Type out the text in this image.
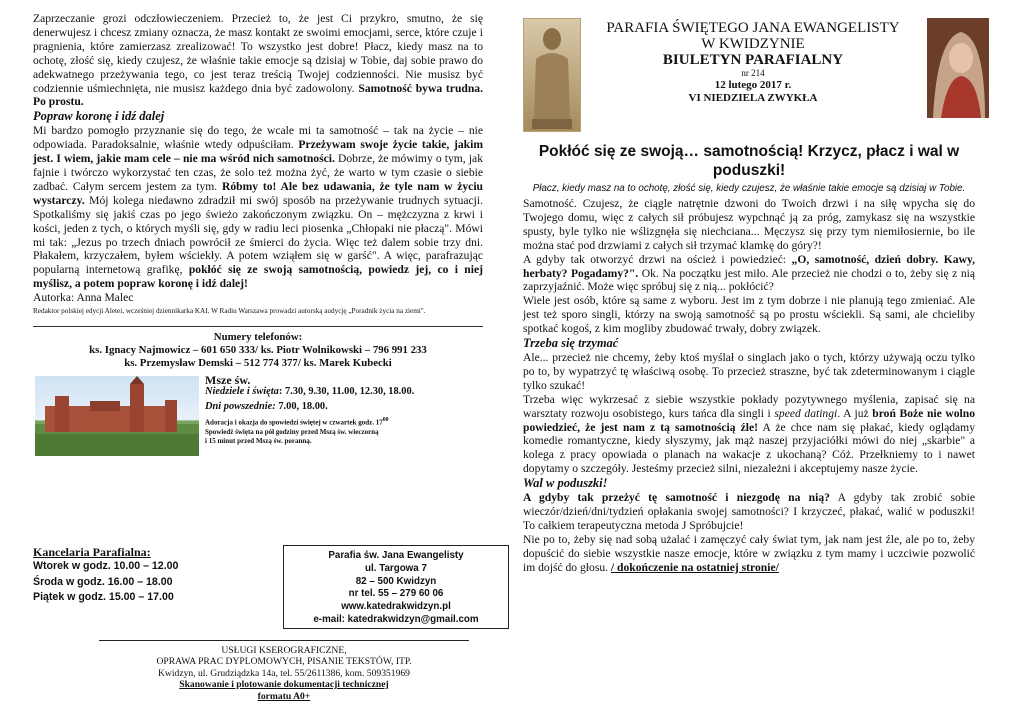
Zaprzeczanie grozi odczłowieczeniem. Przecież to, że jest Ci przykro, smutno, że się denerwujesz i chcesz zmiany oznacza, że masz kontakt ze swoimi emocjami, serce, które czuje i pragnienia, które zamierzasz zrealizować! To wszystko jest dobre! Płacz, kiedy masz na to ochotę, złość się, kiedy czujesz, że właśnie takie emocje są dzisiaj w Tobie, daj sobie prawo do adekwatnego przeżywania tego, co jest teraz treścią Twojej codzienności. Nie musisz być codziennie uśmiechnięta, nie musisz każdego dnia być zadowolony. Samotność bywa trudna. Po prostu.

Popraw koronę i idź dalej

Mi bardzo pomogło przyznanie się do tego, że wcale mi ta samotność – tak na życie – nie odpowiada. Paradoksalnie, właśnie wtedy odpuściłam. Przeżywam swoje życie takie, jakim jest. I wiem, jakie mam cele – nie ma wśród nich samotności. Dobrze, że mówimy o tym, jak fajnie i twórczo wykorzystać ten czas, że solo też można żyć, że warto w tym czasie o siebie zadbać. Całym sercem jestem za tym. Róbmy to! Ale bez udawania, że tyle nam w życiu wystarczy. Mój kolega niedawno zdradził mi swój sposób na przeżywanie trudnych sytuacji. Spotkaliśmy się jakiś czas po jego świeżo zakończonym związku. On – mężczyzna z krwi i kości, jeden z tych, o których myśli się, gdy w radiu leci piosenka „Chłopaki nie płaczą". Mówi mi tak: „Jezus po trzech dniach powrócił ze śmierci do życia. Więc też dalem sobie trzy dni. Płakałem, krzyczałem, byłem wściekły. A potem wziąłem się w garść". A więc, parafrazując popularną internetową grafikę, pokłóć się ze swoją samotnością, powiedz jej, co i niej myślisz, a potem popraw koronę i idź dalej!

Autorka: Anna Malec
Redaktor polskiej edycji Aletei, wcześniej dziennikarka KAI. W Radiu Warszawa prowadzi autorską audycję „Poradnik życia na ziemi".
Numery telefonów:
ks. Ignacy Najmowicz – 601 650 333/ ks. Piotr Wolnikowski – 796 991 233
ks. Przemysław Demski – 512 774 377/ ks. Marek Kubecki
Msze św.
Niedziele i święta: 7.30, 9.30, 11.00, 12.30, 18.00.
Dni powszednie: 7.00, 18.00.
Adoracja i okazja do spowiedzi świętej w czwartek godz. $17^{00}$
Spowiedź święta na pół godziny przed Mszą św. wieczorną
i 15 minut przed Mszą św. poranną.
Kancelaria Parafialna:
Wtorek w godz. 10.00 – 12.00
Środa w godz. 16.00 – 18.00
Piątek w godz. 15.00 – 17.00
Parafia św. Jana Ewangelisty
ul. Targowa 7
82 – 500 Kwidzyn
nr tel. 55 – 279 60 06
www.katedrakwidzyn.pl
e-mail: katedrakwidzyn@gmail.com
USŁUGI KSEROGRAFICZNE,
OPRAWA PRAC DYPLOMOWYCH, PISANIE TEKSTÓW, ITP.
Kwidzyn, ul. Grudziądzka 14a, tel. 55/2611386, kom. 509351969
Skanowanie i plotowanie dokumentacji technicznej
formatu A0+
PARAFIA ŚWIĘTEGO JANA EWANGELISTY
W KWIDZYNIE
BIULETYN PARAFIALNY
nr 214
12 lutego 2017 r.
VI NIEDZIELA ZWYKŁA
Pokłóć się ze swoją… samotnością! Krzycz, płacz i wal w poduszki!
Płacz, kiedy masz na to ochotę, złość się, kiedy czujesz, że właśnie takie emocje są dzisiaj w Tobie.

Samotność. Czujesz, że ciągle natrętnie dzwoni do Twoich drzwi i na siłę wpycha się do Twojego domu, więc z całych sił próbujesz wypchnąć ją za próg, zamykasz się na wszystkie spusty, byle tylko nie wślizgnęła się niechciana... Męczysz się przy tym niemiłosiernie, bo ile można stać pod drzwiami z całych sił trzymać klamkę do góry?!

A gdyby tak otworzyć drzwi na oścież i powiedzieć: „O, samotność, dzień dobry. Kawy, herbaty? Pogadamy?". Ok. Na początku jest miło. Ale przecież nie chodzi o to, żeby się z nią zaprzyjaźnić. Może więc spróbuj się z nią... pokłócić?

Wiele jest osób, które są same z wyboru. Jest im z tym dobrze i nie planują tego zmieniać. Ale jest też sporo singli, którzy na swoją samotność są po prostu wściekli. Są sami, ale chcieliby spotkać kogoś, z kim mogliby zbudować trwały, dobry związek.

Trzeba się trzymać

Ale... przecież nie chcemy, żeby ktoś myślał o singlach jako o tych, którzy używają oczu tylko po to, by wypatrzyć tę właściwą osobę. To przecież straszne, być tak zdeterminowanym i ciągle tylko szukać!

Trzeba więc wykrzesać z siebie wszystkie pokłady pozytywnego myślenia, zapisać się na warsztaty rozwoju osobistego, kurs tańca dla singli i speed datingi. A już broń Boże nie wolno powiedzieć, że jest nam z tą samotnością źle! A że chce nam się płakać, kiedy oglądamy komedie romantyczne, kiedy słyszymy, jak mąż naszej przyjaciółki mówi do niej „skarbie" a kolega z pracy opowiada o planach na wakacje z ukochaną? Cóż. Przełkniemy to i nawet dopytamy o szczegóły. Jesteśmy przecież silni, niezależni i akceptujemy nasze życie.

Wal w poduszki!

A gdyby tak przeżyć tę samotność i niezgodę na nią? A gdyby tak zrobić sobie wieczór/dzień/dni/tydzień opłakania swojej samotności? I krzyczeć, płakać, walić w poduszki! To całkiem terapeutyczna metoda J Spróbujcie!

Nie po to, żeby się nad sobą użalać i zamęczyć cały świat tym, jak nam jest źle, ale po to, żeby dopuścić do siebie wszystkie nasze emocje, które w związku z tym mamy i uczciwie pozwolić im dojść do głosu. / dokończenie na ostatniej stronie/
